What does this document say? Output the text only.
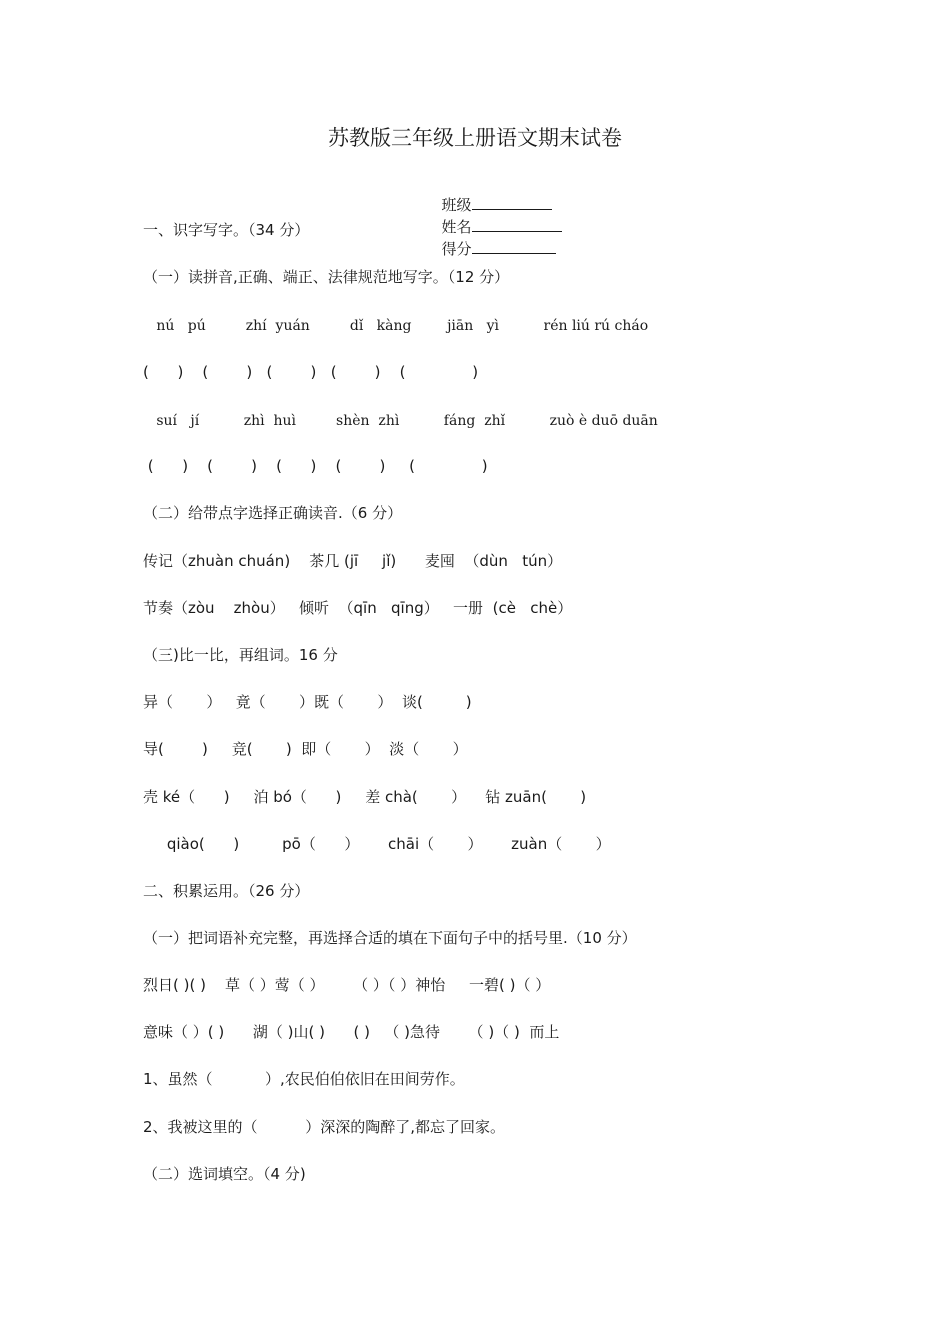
苏教版三年级上册语文期末试卷

班级
姓名
得分

一、识字写字。（34 分）
（一）读拼音,正确、端正、法律规范地写字。（12 分）
nú   pú         zhí  yuán         dǐ   kàng        jiān   yì          rén liú rú cháo
(      )    (        )   (        )   (        )    (              )
suí   jí          zhì  huì         shèn  zhì          fáng  zhǐ          zuò è duō duān
(      )    (        )    (      )    (        )     (              )
（二）给带点字选择正确读音.（6 分）
传记（zhuàn chuán)    茶几 (jī     jǐ)      麦囤  （dùn   tún）
节奏（zòu    zhòu）   倾听  （qīn   qīng）   一册  (cè   chè）
（三)比一比，再组词。16 分
异（       ）   竟（       ）既（       ）  谈(         )
导(        )     竞(       )  即（       ）  淡（       ）
壳 ké（      )     泊 bó（      )     差 chà(       ）    钻 zuān(       )
qiào(      )         pō（      ）      chāi（       ）      zuàn（       ）
二、积累运用。（26 分）
（一）把词语补充完整，再选择合适的填在下面句子中的括号里.（10 分）
烈日( )( )    草（ ）莺（ ）      （ ）（ ）神怡     一碧( )（ ）
意味（ ）( )      湖（ )山( )      ( )   （ )急待      （ )（ )  而上
1、虽然（           ）,农民伯伯依旧在田间劳作。
2、我被这里的（          ）深深的陶醉了,都忘了回家。
（二）选词填空。（4 分)
